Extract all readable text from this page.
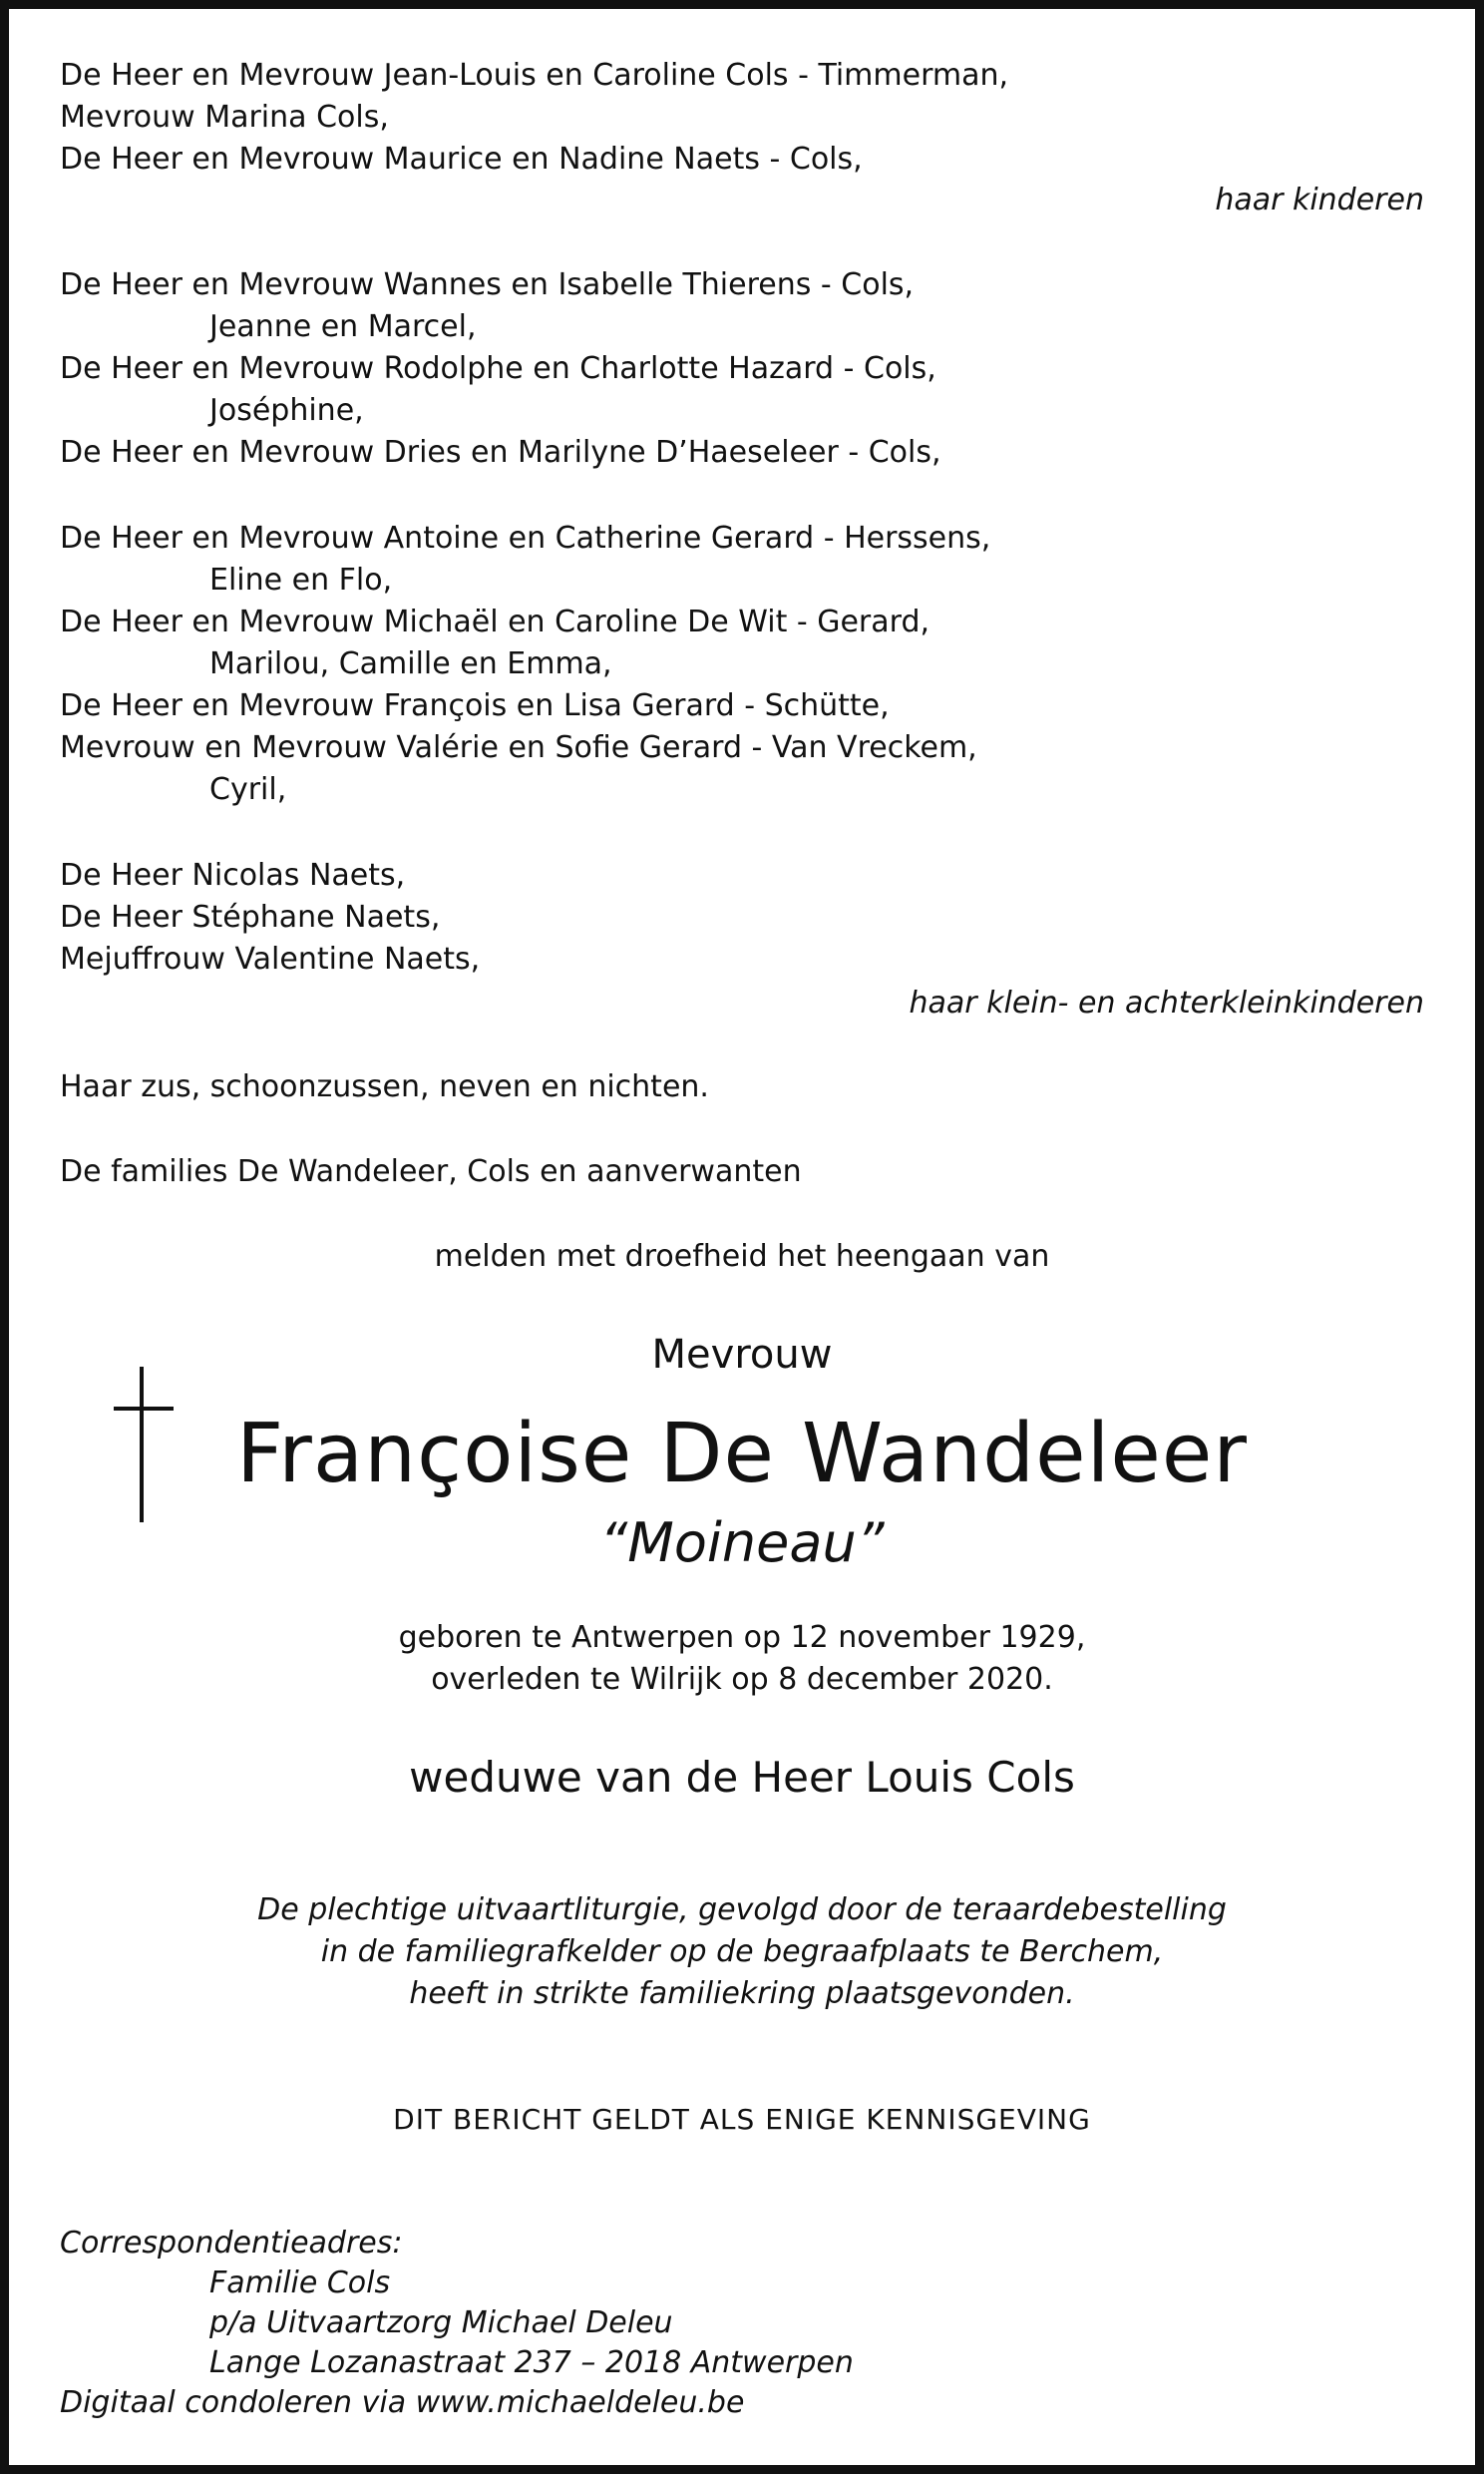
De Heer en Mevrouw Jean-Louis en Caroline Cols - Timmerman,
Mevrouw Marina Cols,
De Heer en Mevrouw Maurice en Nadine Naets - Cols,
haar kinderen
De Heer en Mevrouw Wannes en Isabelle Thierens - Cols,
Jeanne en Marcel,
De Heer en Mevrouw Rodolphe en Charlotte Hazard - Cols,
Joséphine,
De Heer en Mevrouw Dries en Marilyne D’Haeseleer - Cols,
De Heer en Mevrouw Antoine en Catherine Gerard - Herssens,
Eline en Flo,
De Heer en Mevrouw Michaël en Caroline De Wit - Gerard,
Marilou, Camille en Emma,
De Heer en Mevrouw François en Lisa Gerard - Schütte,
Mevrouw en Mevrouw Valérie en Sofie Gerard - Van Vreckem,
Cyril,
De Heer Nicolas Naets,
De Heer Stéphane Naets,
Mejuffrouw Valentine Naets,
haar klein- en achterkleinkinderen
Haar zus, schoonzussen, neven en nichten.
De families De Wandeleer, Cols en aanverwanten
melden met droefheid het heengaan van
Mevrouw
Françoise De Wandeleer
“Moineau”
geboren te Antwerpen op 12 november 1929,
overleden te Wilrijk op 8 december 2020.
weduwe van de Heer Louis Cols
De plechtige uitvaartliturgie, gevolgd door de teraardebestelling
in de familiegrafkelder op de begraafplaats te Berchem,
heeft in strikte familiekring plaatsgevonden.
DIT BERICHT GELDT ALS ENIGE KENNISGEVING
Correspondentieadres:
Familie Cols
p/a Uitvaartzorg Michael Deleu
Lange Lozanastraat 237 – 2018 Antwerpen
Digitaal condoleren via www.michaeldeleu.be
